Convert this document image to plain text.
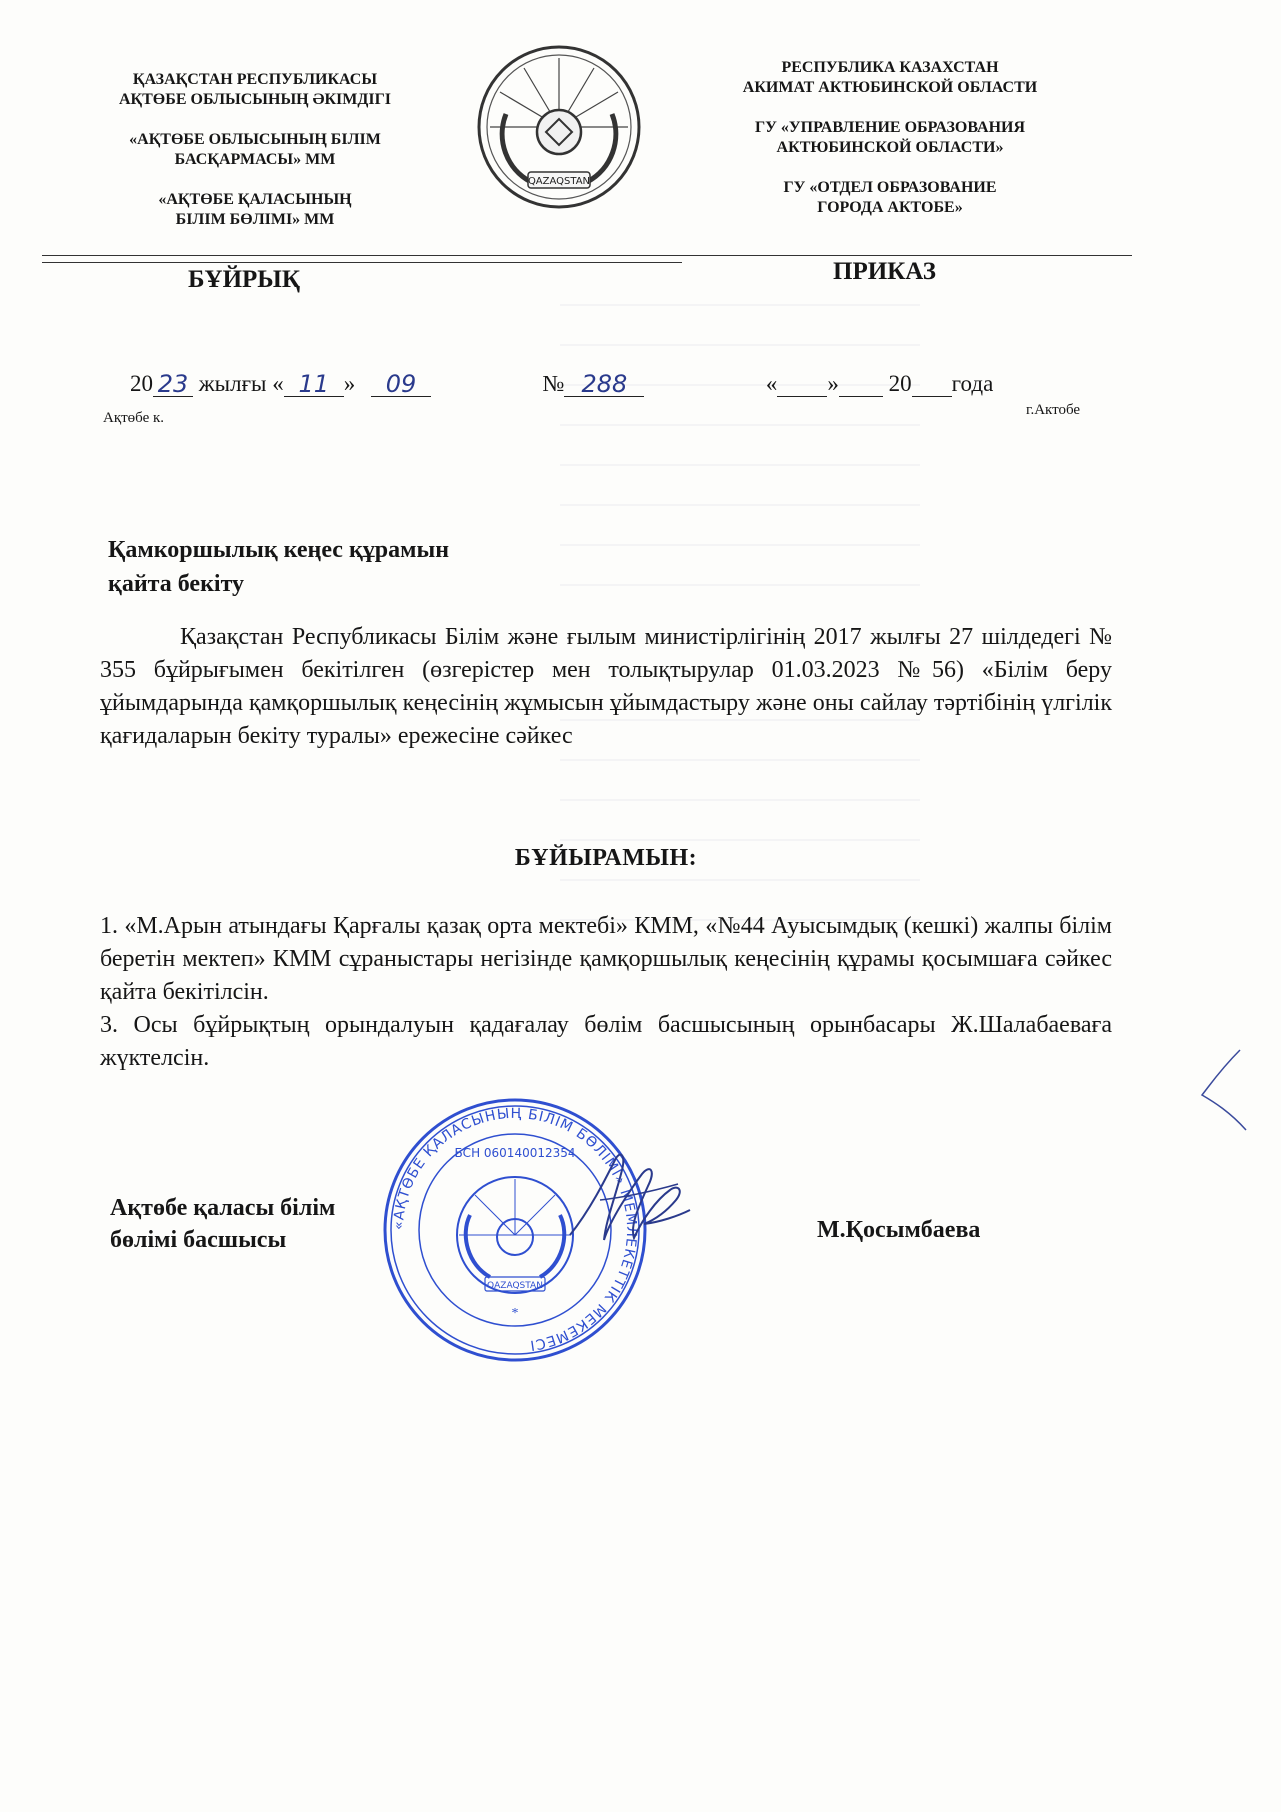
ҚАЗАҚСТАН РЕСПУБЛИКАСЫ
АҚТӨБЕ ОБЛЫСЫНЫҢ ӘКІМДІГІ
«АҚТӨБЕ ОБЛЫСЫНЫҢ БІЛІМ
БАСҚАРМАСЫ» ММ
«АҚТӨБЕ ҚАЛАСЫНЫҢ
БІЛІМ БӨЛІМІ» ММ
QAZAQSTAN
РЕСПУБЛИКА КАЗАХСТАН
АКИМАТ АКТЮБИНСКОЙ ОБЛАСТИ
ГУ «УПРАВЛЕНИЕ ОБРАЗОВАНИЯ
АКТЮБИНСКОЙ ОБЛАСТИ»
ГУ «ОТДЕЛ ОБРАЗОВАНИЕ
ГОРОДА АКТОБЕ»
БҰЙРЫҚ	ПРИКАЗ
20 23 жылғы « 11 » 09	№ 288	« » 20 года
Ақтөбе к.	г.Актобе
Қамкоршылық кеңес құрамын
қайта бекіту
Қазақстан Республикасы Білім және ғылым министірлігінің 2017 жылғы 27 шілдедегі № 355 бұйрығымен бекітілген (өзгерістер мен толықтырулар 01.03.2023 №56) «Білім беру ұйымдарында қамқоршылық кеңесінің жұмысын ұйымдастыру және оны сайлау тәртібінің үлгілік қағидаларын бекіту туралы» ережесіне сәйкес
БҰЙЫРАМЫН:
1. «М.Арын атындағы Қарғалы қазақ орта мектебі» КММ, «№44 Ауысымдық (кешкі) жалпы білім беретін мектеп» КММ сұраныстары негізінде қамқоршылық кеңесінің құрамы қосымшаға сәйкес қайта бекітілсін.
3. Осы бұйрықтың орындалуын қадағалау бөлім басшысының орынбасары Ж.Шалабаеваға жүктелсін.
Ақтөбе қаласы білім
бөлімі басшысы	М.Қосымбаева
«АҚТӨБЕ ҚАЛАСЫНЫҢ БІЛІМ БӨЛІМІ» МЕМЛЕКЕТТІК МЕКЕМЕСІ
БСН 060140012354
QAZAQSTAN
*
